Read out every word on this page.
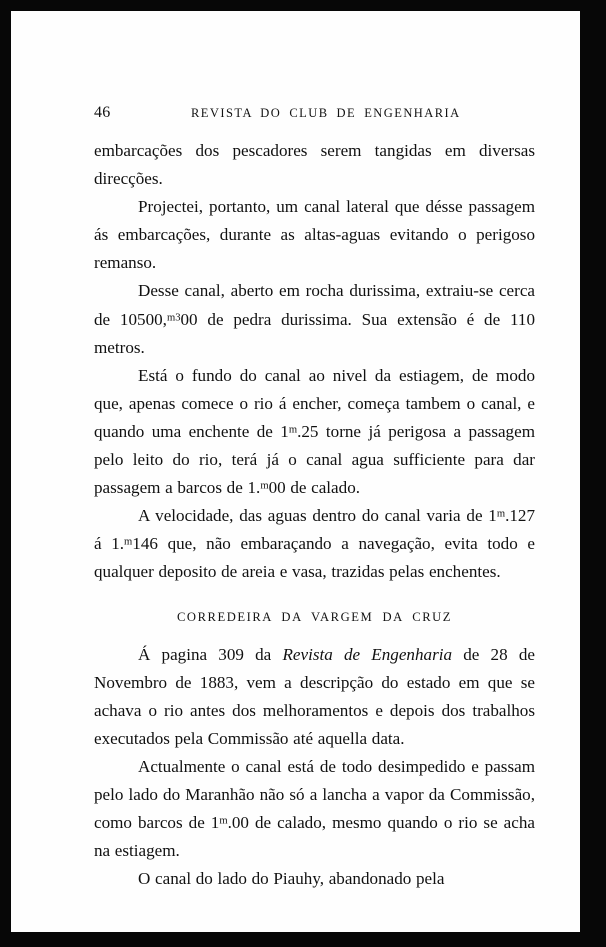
46	REVISTA DO CLUB DE ENGENHARIA

embarcações dos pescadores serem tangidas em diversas direcções.

Projectei, portanto, um canal lateral que désse passagem ás embarcações, durante as altas-aguas evitando o perigoso remanso.

Desse canal, aberto em rocha durissima, extraiu-se cerca de 10500,$^{m3}$00 de pedra durissima. Sua extensão é de 110 metros.

Está o fundo do canal ao nivel da estiagem, de modo que, apenas comece o rio á encher, começa tambem o canal, e quando uma enchente de 1$^m$.25 torne já perigosa a passagem pelo leito do rio, terá já o canal agua sufficiente para dar passagem a barcos de 1.$^m$00 de calado.

A velocidade, das aguas dentro do canal varia de 1$^m$.127 á 1.$^m$146 que, não embaraçando a navegação, evita todo e qualquer deposito de areia e vasa, trazidas pelas enchentes.

CORREDEIRA DA VARGEM DA CRUZ

Á pagina 309 da Revista de Engenharia de 28 de Novembro de 1883, vem a descripção do estado em que se achava o rio antes dos melhoramentos e depois dos trabalhos executados pela Commissão até aquella data.

Actualmente o canal está de todo desimpedido e passam pelo lado do Maranhão não só a lancha a vapor da Commissão, como barcos de 1$^m$.00 de calado, mesmo quando o rio se acha na estiagem.

O canal do lado do Piauhy, abandonado pela
